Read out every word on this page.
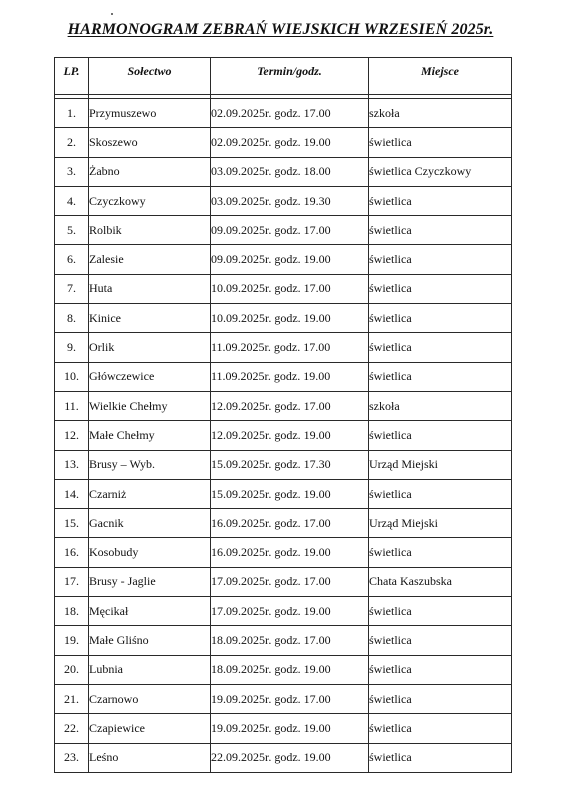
HARMONOGRAM ZEBRAŃ WIEJSKICH WRZESIEŃ 2025r.
LP.	Sołectwo	Termin/godz.	Miejsce

1.	Przymuszewo	02.09.2025r. godz. 17.00	szkoła
2.	Skoszewo	02.09.2025r. godz. 19.00	świetlica
3.	Żabno	03.09.2025r. godz. 18.00	świetlica Czyczkowy
4.	Czyczkowy	03.09.2025r. godz. 19.30	świetlica
5.	Rolbik	09.09.2025r. godz. 17.00	świetlica
6.	Zalesie	09.09.2025r. godz. 19.00	świetlica
7.	Huta	10.09.2025r. godz. 17.00	świetlica
8.	Kinice	10.09.2025r. godz. 19.00	świetlica
9.	Orlik	11.09.2025r. godz. 17.00	świetlica
10.	Główczewice	11.09.2025r. godz. 19.00	świetlica
11.	Wielkie Chełmy	12.09.2025r. godz. 17.00	szkoła
12.	Małe Chełmy	12.09.2025r. godz. 19.00	świetlica
13.	Brusy – Wyb.	15.09.2025r. godz. 17.30	Urząd Miejski
14.	Czarniż	15.09.2025r. godz. 19.00	świetlica
15.	Gacnik	16.09.2025r. godz. 17.00	Urząd Miejski
16.	Kosobudy	16.09.2025r. godz. 19.00	świetlica
17.	Brusy - Jaglie	17.09.2025r. godz. 17.00	Chata Kaszubska
18.	Męcikał	17.09.2025r. godz. 19.00	świetlica
19.	Małe Gliśno	18.09.2025r. godz. 17.00	świetlica
20.	Lubnia	18.09.2025r. godz. 19.00	świetlica
21.	Czarnowo	19.09.2025r. godz. 17.00	świetlica
22.	Czapiewice	19.09.2025r. godz. 19.00	świetlica
23.	Leśno	22.09.2025r. godz. 19.00	świetlica
